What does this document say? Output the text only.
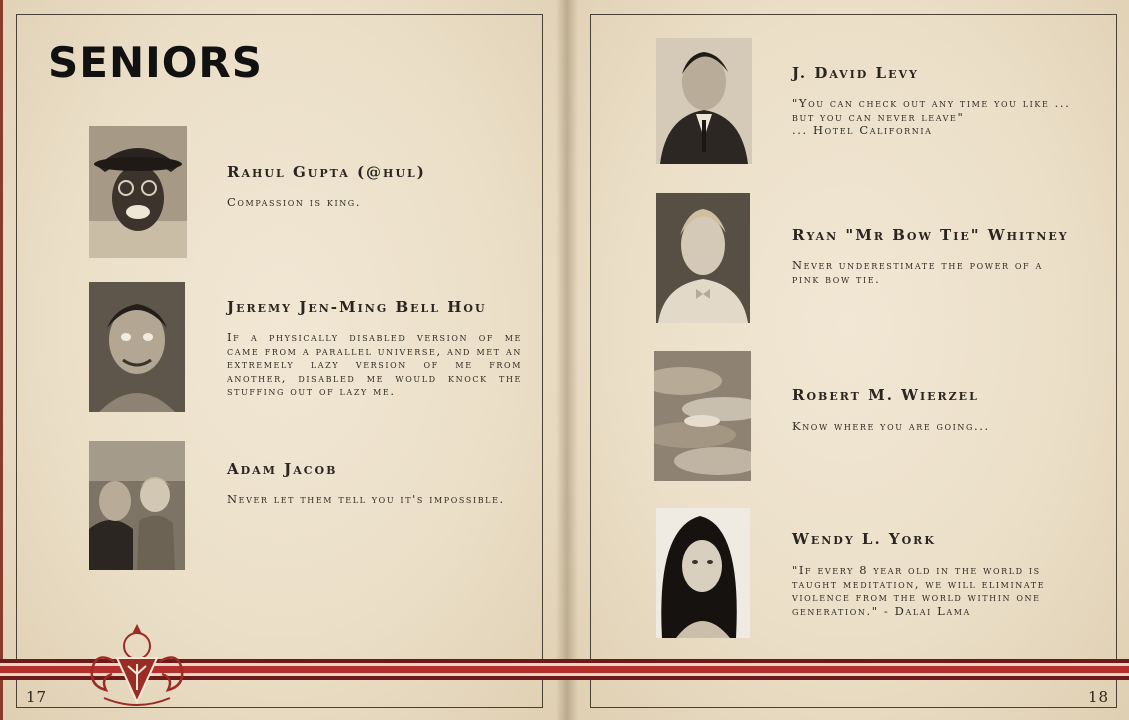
SENIORS
Rahul Gupta (@hul)

Compassion is king.

Jeremy Jen-Ming Bell Hou

If a physically disabled version of me came from a parallel universe, and met an extremely lazy version of me from another, disabled me would knock the stuffing out of lazy me.

Adam Jacob

Never let them tell you it's impossible.

J. David Levy

"You can check out any time you like ...
but you can never leave"
... Hotel California

Ryan "Mr Bow Tie" Whitney

Never underestimate the power of a
pink bow tie.

Robert M. Wierzel

Know where you are going...

Wendy L. York

"If every 8 year old in the world is
taught meditation, we will eliminate
violence from the world within one
generation." - Dalai Lama

17	18
